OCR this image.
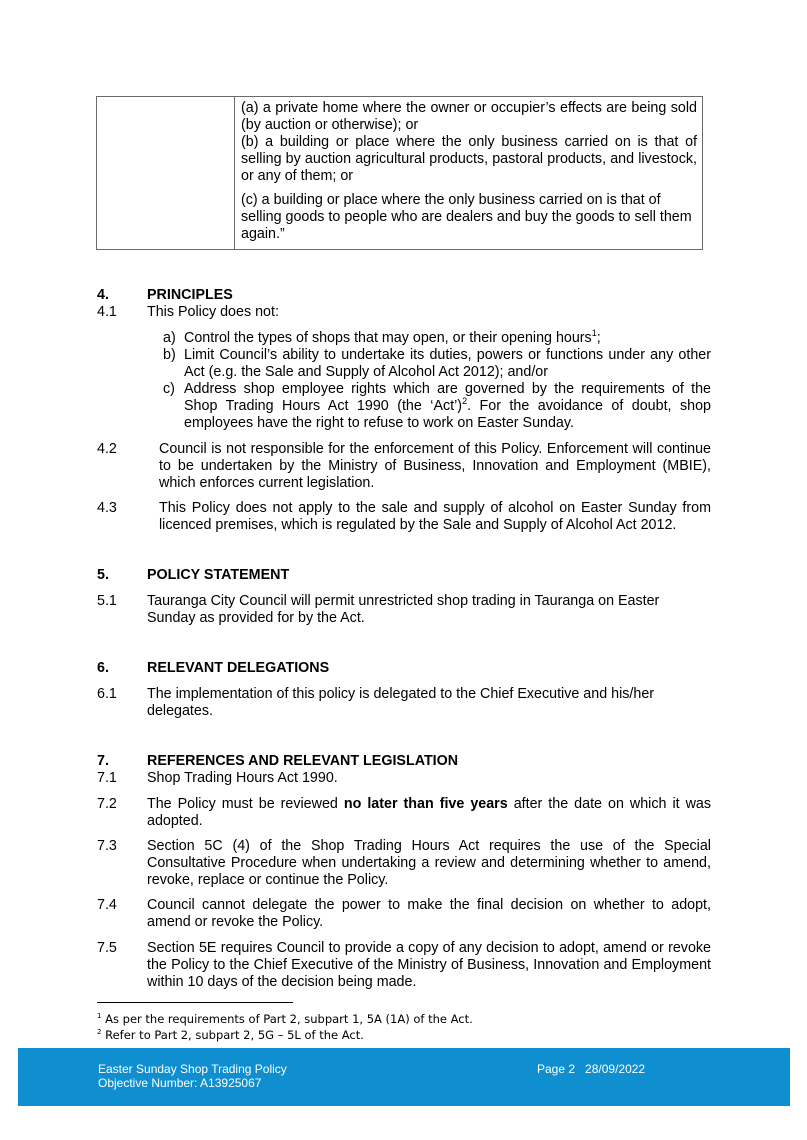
(a) a private home where the owner or occupier’s effects are being sold (by auction or otherwise); or

(b) a building or place where the only business carried on is that of selling by auction agricultural products, pastoral products, and livestock, or any of them; or

(c) a building or place where the only business carried on is that of selling goods to people who are dealers and buy the goods to sell them again.”

4.	PRINCIPLES
4.1 This Policy does not:
a) Control the types of shops that may open, or their opening hours$^1$;
b) Limit Council’s ability to undertake its duties, powers or functions under any other Act (e.g. the Sale and Supply of Alcohol Act 2012); and/or
c) Address shop employee rights which are governed by the requirements of the Shop Trading Hours Act 1990 (the ‘Act’)$^2$. For the avoidance of doubt, shop employees have the right to refuse to work on Easter Sunday.
4.2	Council is not responsible for the enforcement of this Policy. Enforcement will continue to be undertaken by the Ministry of Business, Innovation and Employment (MBIE), which enforces current legislation.
4.3	This Policy does not apply to the sale and supply of alcohol on Easter Sunday from licenced premises, which is regulated by the Sale and Supply of Alcohol Act 2012.
5.	POLICY STATEMENT
5.1 Tauranga City Council will permit unrestricted shop trading in Tauranga on Easter Sunday as provided for by the Act.
6.	RELEVANT DELEGATIONS
6.1 The implementation of this policy is delegated to the Chief Executive and his/her delegates.
7.	REFERENCES AND RELEVANT LEGISLATION
7.1 Shop Trading Hours Act 1990.
7.2 The Policy must be reviewed no later than five years after the date on which it was adopted.
7.3 Section 5C (4) of the Shop Trading Hours Act requires the use of the Special Consultative Procedure when undertaking a review and determining whether to amend, revoke, replace or continue the Policy.
7.4 Council cannot delegate the power to make the final decision on whether to adopt, amend or revoke the Policy.
7.5 Section 5E requires Council to provide a copy of any decision to adopt, amend or revoke the Policy to the Chief Executive of the Ministry of Business, Innovation and Employment within 10 days of the decision being made.
$^1$ As per the requirements of Part 2, subpart 1, 5A (1A) of the Act.
$^2$ Refer to Part 2, subpart 2, 5G – 5L of the Act.
Easter Sunday Shop Trading Policy
Objective Number: A13925067
Page 2   28/09/2022
